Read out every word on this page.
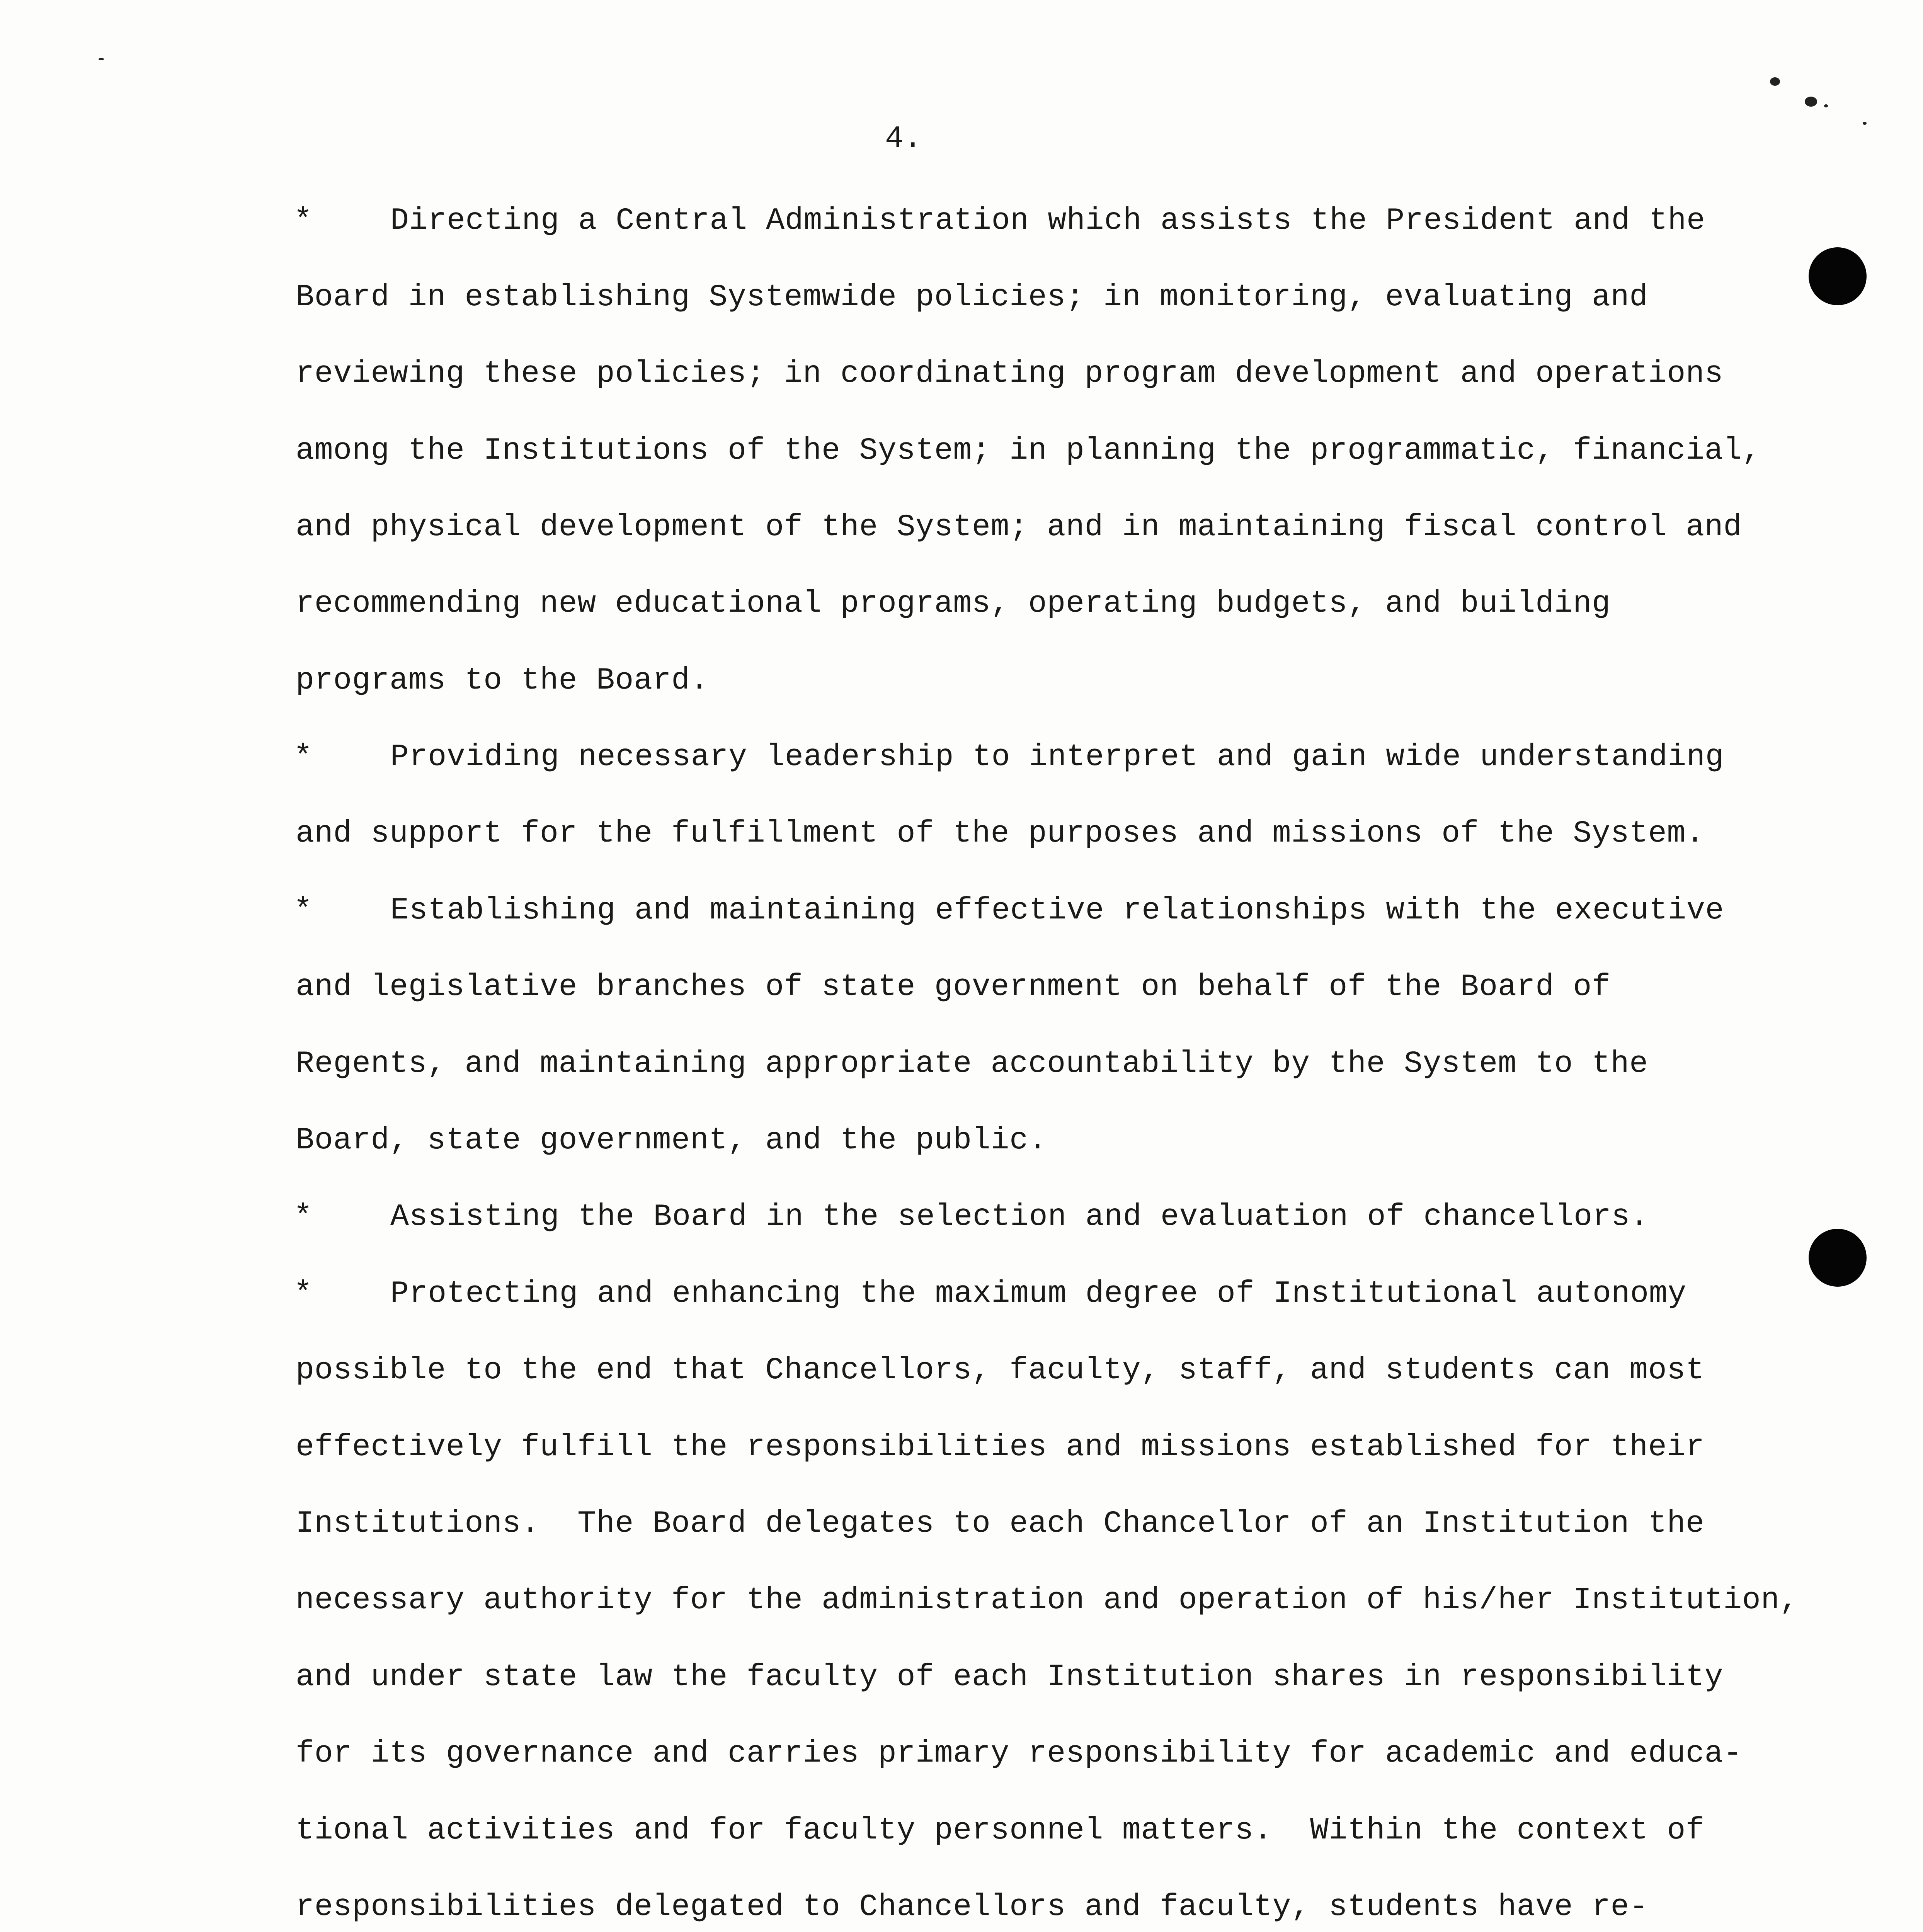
4.
*	Directing a Central Administration which assists the President and the
Board in establishing Systemwide policies; in monitoring, evaluating and
reviewing these policies; in coordinating program development and operations
among the Institutions of the System; in planning the programmatic, financial,
and physical development of the System; and in maintaining fiscal control and
recommending new educational programs, operating budgets, and building
programs to the Board.
*	Providing necessary leadership to interpret and gain wide understanding
and support for the fulfillment of the purposes and missions of the System.
*	Establishing and maintaining effective relationships with the executive
and legislative branches of state government on behalf of the Board of
Regents, and maintaining appropriate accountability by the System to the
Board, state government, and the public.
*	Assisting the Board in the selection and evaluation of chancellors.
*	Protecting and enhancing the maximum degree of Institutional autonomy
possible to the end that Chancellors, faculty, staff, and students can most
effectively fulfill the responsibilities and missions established for their
Institutions.  The Board delegates to each Chancellor of an Institution the
necessary authority for the administration and operation of his/her Institution,
and under state law the faculty of each Institution shares in responsibility
for its governance and carries primary responsibility for academic and educa-
tional activities and for faculty personnel matters.  Within the context of
responsibilities delegated to Chancellors and faculty, students have re-
